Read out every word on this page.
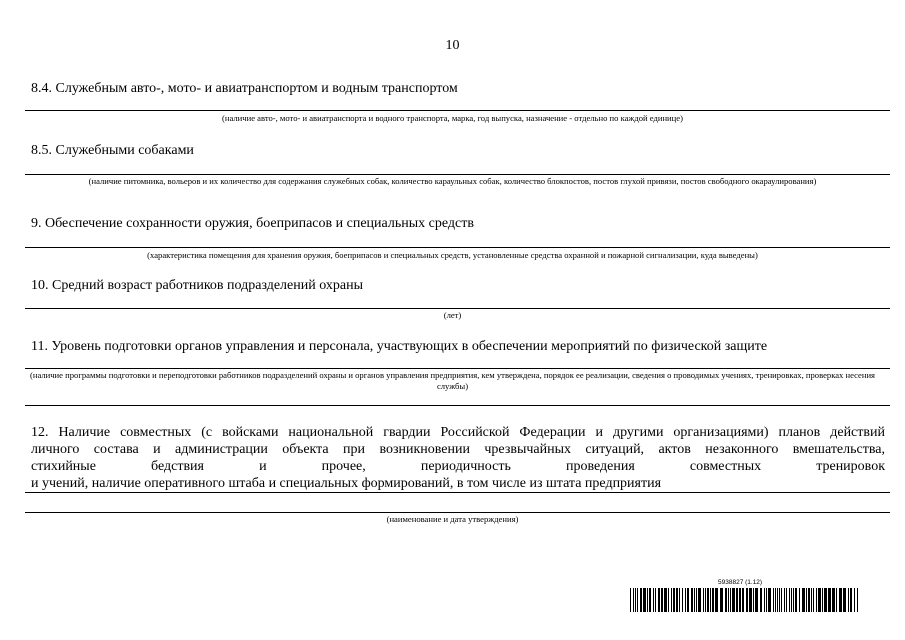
10
8.4. Служебным авто-, мото- и авиатранспортом и водным транспортом
(наличие авто-, мото- и авиатранспорта и водного транспорта, марка, год выпуска, назначение - отдельно по каждой единице)
8.5. Служебными собаками
(наличие питомника, вольеров и их количество для содержания служебных собак, количество караульных собак, количество блокпостов, постов глухой привязи, постов свободного окараулирования)
9. Обеспечение сохранности оружия, боеприпасов и специальных средств
(характеристика помещения для хранения оружия, боеприпасов и специальных средств, установленные средства охранной и пожарной сигнализации, куда выведены)
10. Средний возраст работников подразделений охраны
(лет)
11. Уровень подготовки органов управления и персонала, участвующих в обеспечении мероприятий по физической защите
(наличие программы подготовки и переподготовки работников подразделений охраны и органов управления предприятия, кем утверждена, порядок ее реализации, сведения о проводимых учениях, тренировках, проверках несения службы)
12. Наличие совместных (с войсками национальной гвардии Российской Федерации и другими организациями) планов действий
личного состава и администрации объекта при возникновении чрезвычайных ситуаций, актов незаконного вмешательства,
стихийные бедствия и прочее, периодичность проведения совместных тренировок
и учений, наличие оперативного штаба и специальных формирований, в том числе из штата предприятия
(наименование и дата утверждения)
5938827 (1.12)
